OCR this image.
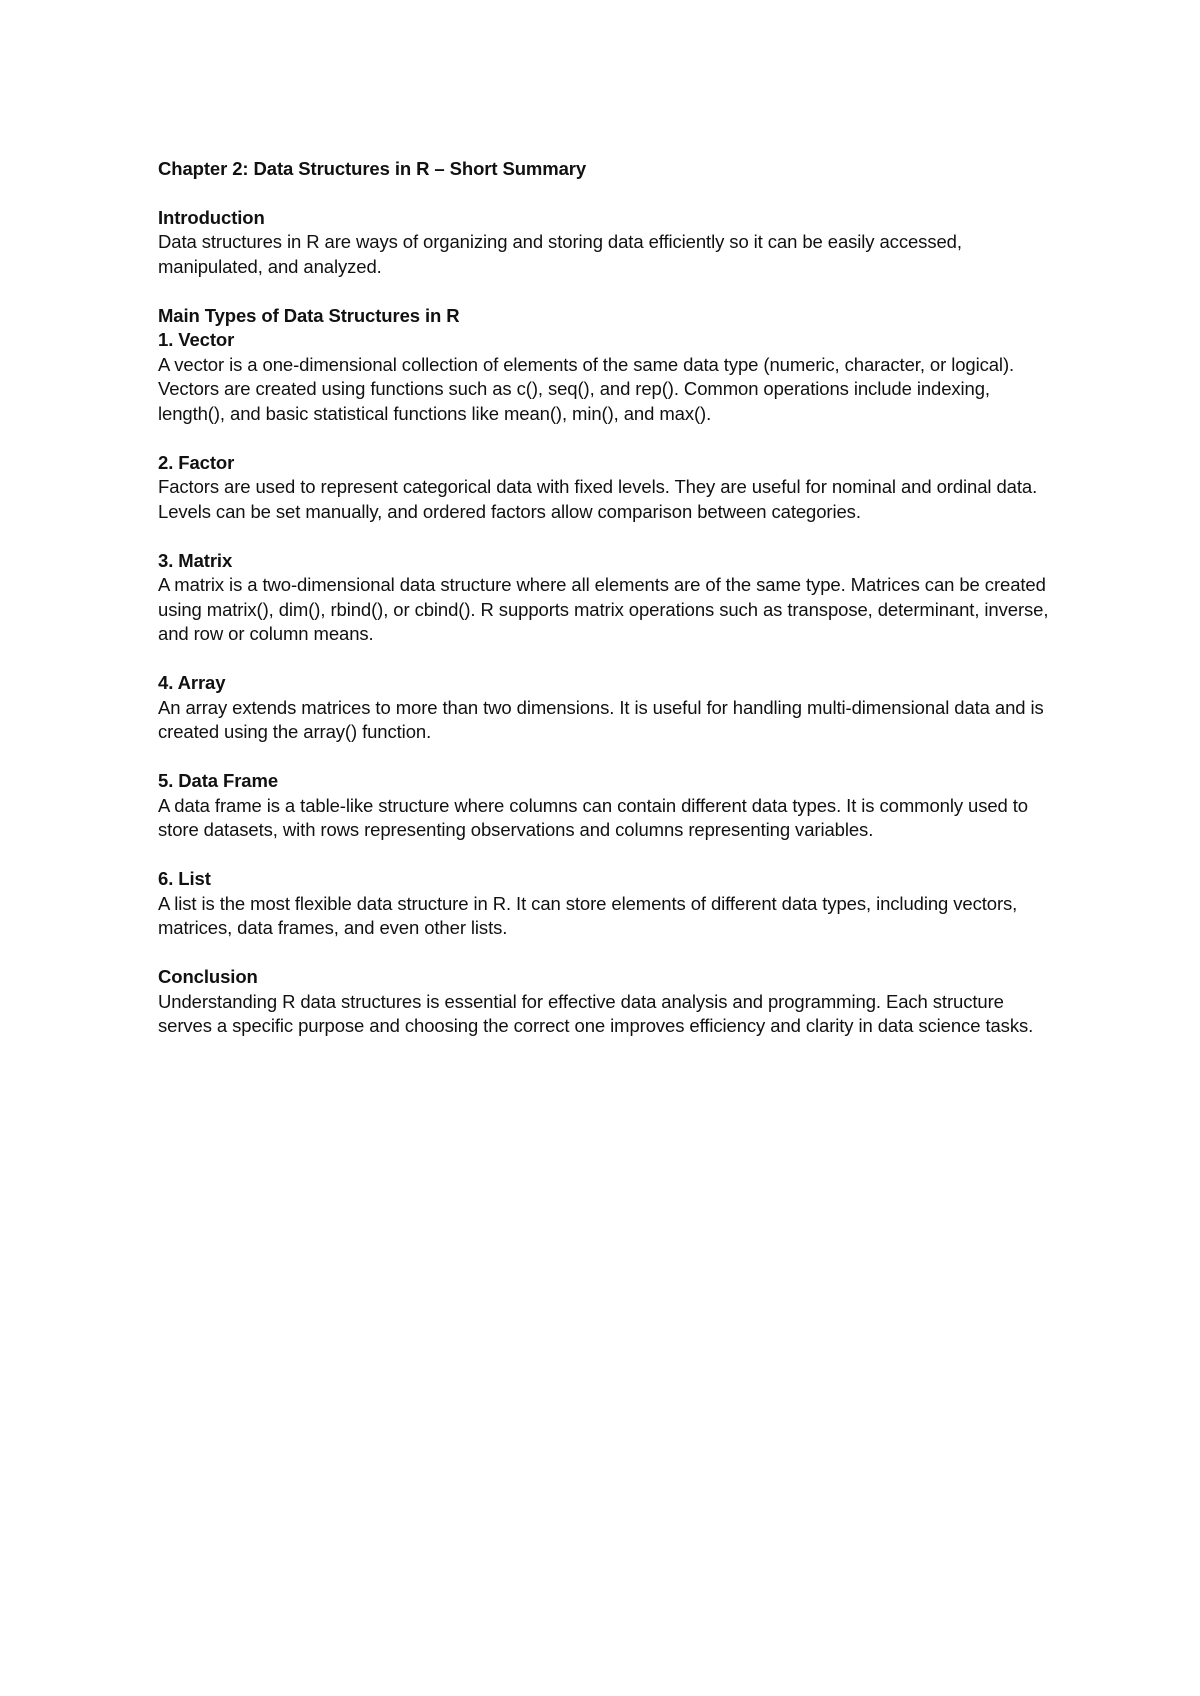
Chapter 2: Data Structures in R – Short Summary
Introduction
Data structures in R are ways of organizing and storing data efficiently so it can be easily accessed, manipulated, and analyzed.
Main Types of Data Structures in R
1. Vector
A vector is a one-dimensional collection of elements of the same data type (numeric, character, or logical). Vectors are created using functions such as c(), seq(), and rep(). Common operations include indexing, length(), and basic statistical functions like mean(), min(), and max().
2. Factor
Factors are used to represent categorical data with fixed levels. They are useful for nominal and ordinal data. Levels can be set manually, and ordered factors allow comparison between categories.
3. Matrix
A matrix is a two-dimensional data structure where all elements are of the same type. Matrices can be created using matrix(), dim(), rbind(), or cbind(). R supports matrix operations such as transpose, determinant, inverse, and row or column means.
4. Array
An array extends matrices to more than two dimensions. It is useful for handling multi-dimensional data and is created using the array() function.
5. Data Frame
A data frame is a table-like structure where columns can contain different data types. It is commonly used to store datasets, with rows representing observations and columns representing variables.
6. List
A list is the most flexible data structure in R. It can store elements of different data types, including vectors, matrices, data frames, and even other lists.
Conclusion
Understanding R data structures is essential for effective data analysis and programming. Each structure serves a specific purpose and choosing the correct one improves efficiency and clarity in data science tasks.
